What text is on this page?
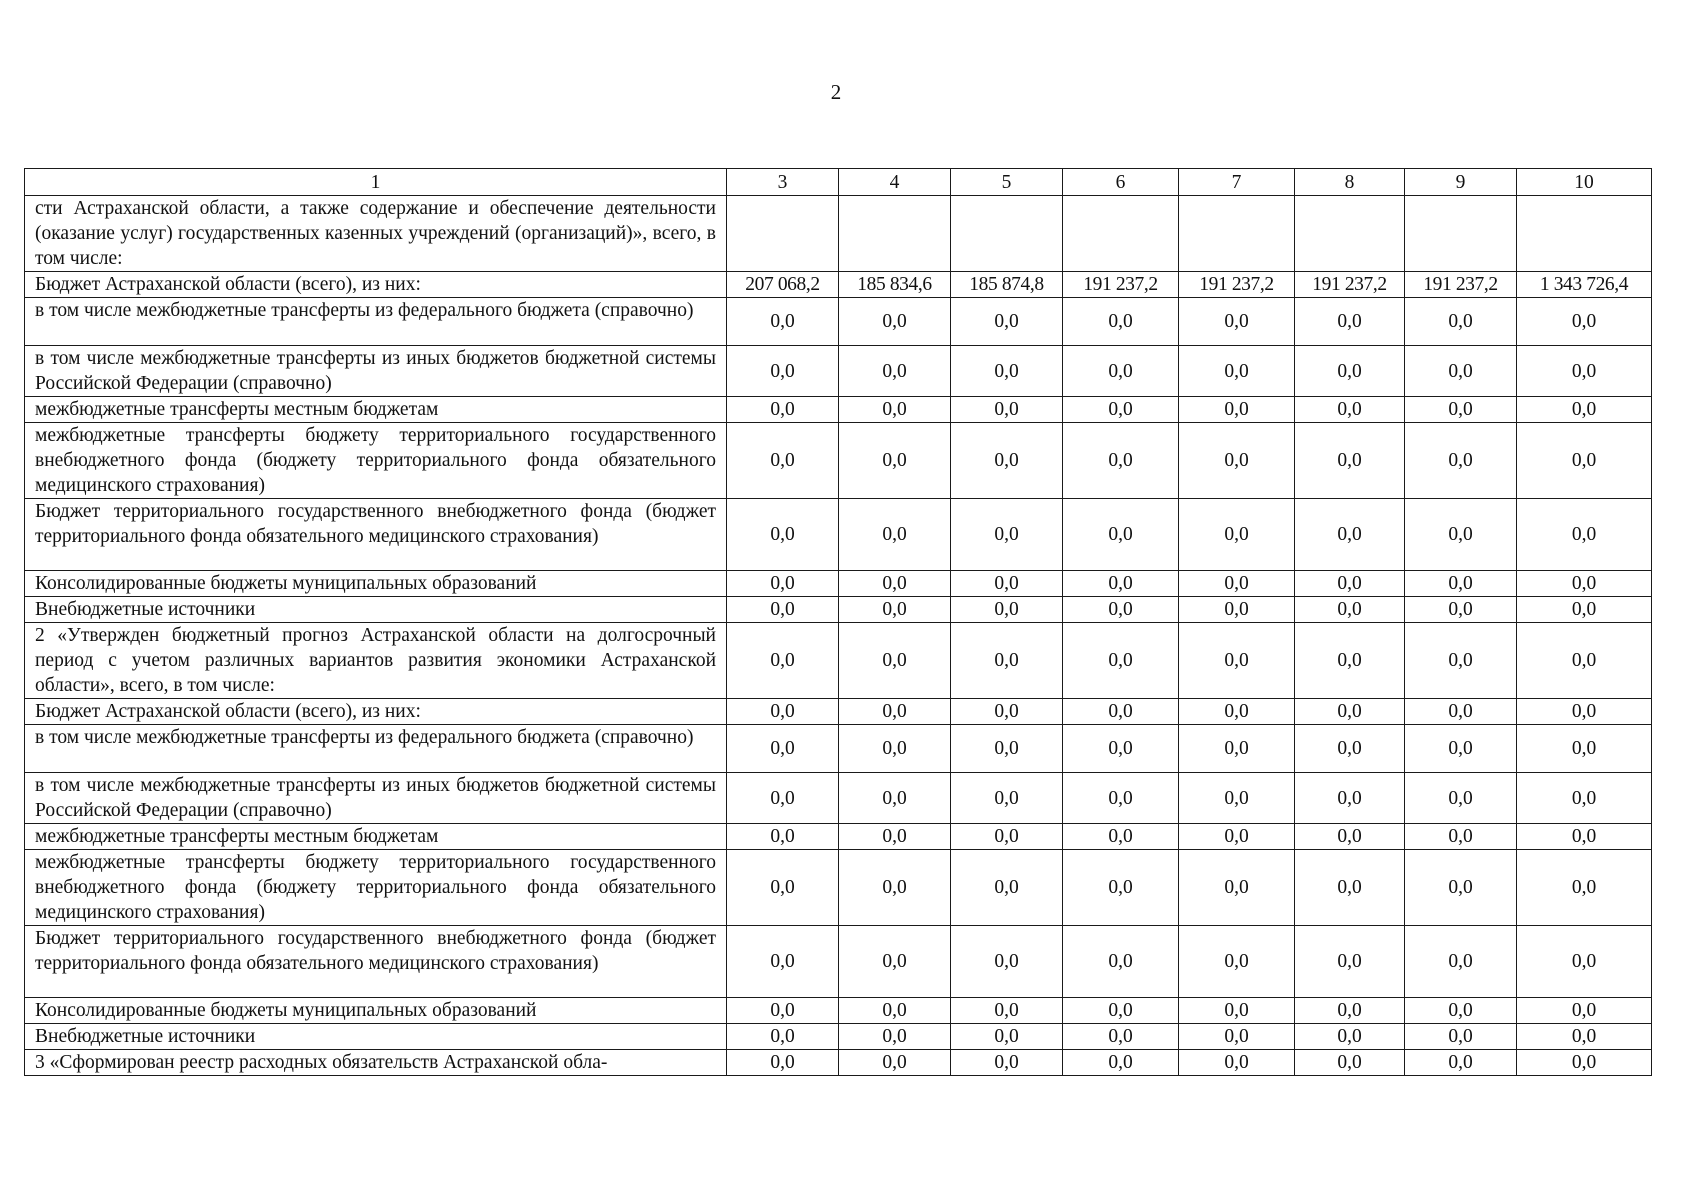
2
1	3	4	5	6	7	8	9	10
сти Астраханской области, а также содержание и обеспечение деятельности (оказание услуг) государственных казенных учреждений (организаций)», всего, в том числе:								
Бюджет Астраханской области (всего), из них:	207 068,2	185 834,6	185 874,8	191 237,2	191 237,2	191 237,2	191 237,2	1 343 726,4
в том числе межбюджетные трансферты из федерального бюджета (справочно)	0,0	0,0	0,0	0,0	0,0	0,0	0,0	0,0
в том числе межбюджетные трансферты из иных бюджетов бюджетной системы Российской Федерации (справочно)	0,0	0,0	0,0	0,0	0,0	0,0	0,0	0,0
межбюджетные трансферты местным бюджетам	0,0	0,0	0,0	0,0	0,0	0,0	0,0	0,0
межбюджетные трансферты бюджету территориального государственного внебюджетного фонда (бюджету территориального фонда обязательного медицинского страхования)	0,0	0,0	0,0	0,0	0,0	0,0	0,0	0,0
Бюджет территориального государственного внебюджетного фонда (бюджет территориального фонда обязательного медицинского страхования)	0,0	0,0	0,0	0,0	0,0	0,0	0,0	0,0
Консолидированные бюджеты муниципальных образований	0,0	0,0	0,0	0,0	0,0	0,0	0,0	0,0
Внебюджетные источники	0,0	0,0	0,0	0,0	0,0	0,0	0,0	0,0
2 «Утвержден бюджетный прогноз Астраханской области на долгосрочный период с учетом различных вариантов развития экономики Астраханской области», всего, в том числе:	0,0	0,0	0,0	0,0	0,0	0,0	0,0	0,0
Бюджет Астраханской области (всего), из них:	0,0	0,0	0,0	0,0	0,0	0,0	0,0	0,0
в том числе межбюджетные трансферты из федерального бюджета (справочно)	0,0	0,0	0,0	0,0	0,0	0,0	0,0	0,0
в том числе межбюджетные трансферты из иных бюджетов бюджетной системы Российской Федерации (справочно)	0,0	0,0	0,0	0,0	0,0	0,0	0,0	0,0
межбюджетные трансферты местным бюджетам	0,0	0,0	0,0	0,0	0,0	0,0	0,0	0,0
межбюджетные трансферты бюджету территориального государственного внебюджетного фонда (бюджету территориального фонда обязательного медицинского страхования)	0,0	0,0	0,0	0,0	0,0	0,0	0,0	0,0
Бюджет территориального государственного внебюджетного фонда (бюджет территориального фонда обязательного медицинского страхования)	0,0	0,0	0,0	0,0	0,0	0,0	0,0	0,0
Консолидированные бюджеты муниципальных образований	0,0	0,0	0,0	0,0	0,0	0,0	0,0	0,0
Внебюджетные источники	0,0	0,0	0,0	0,0	0,0	0,0	0,0	0,0
3 «Сформирован реестр расходных обязательств Астраханской обла-	0,0	0,0	0,0	0,0	0,0	0,0	0,0	0,0
